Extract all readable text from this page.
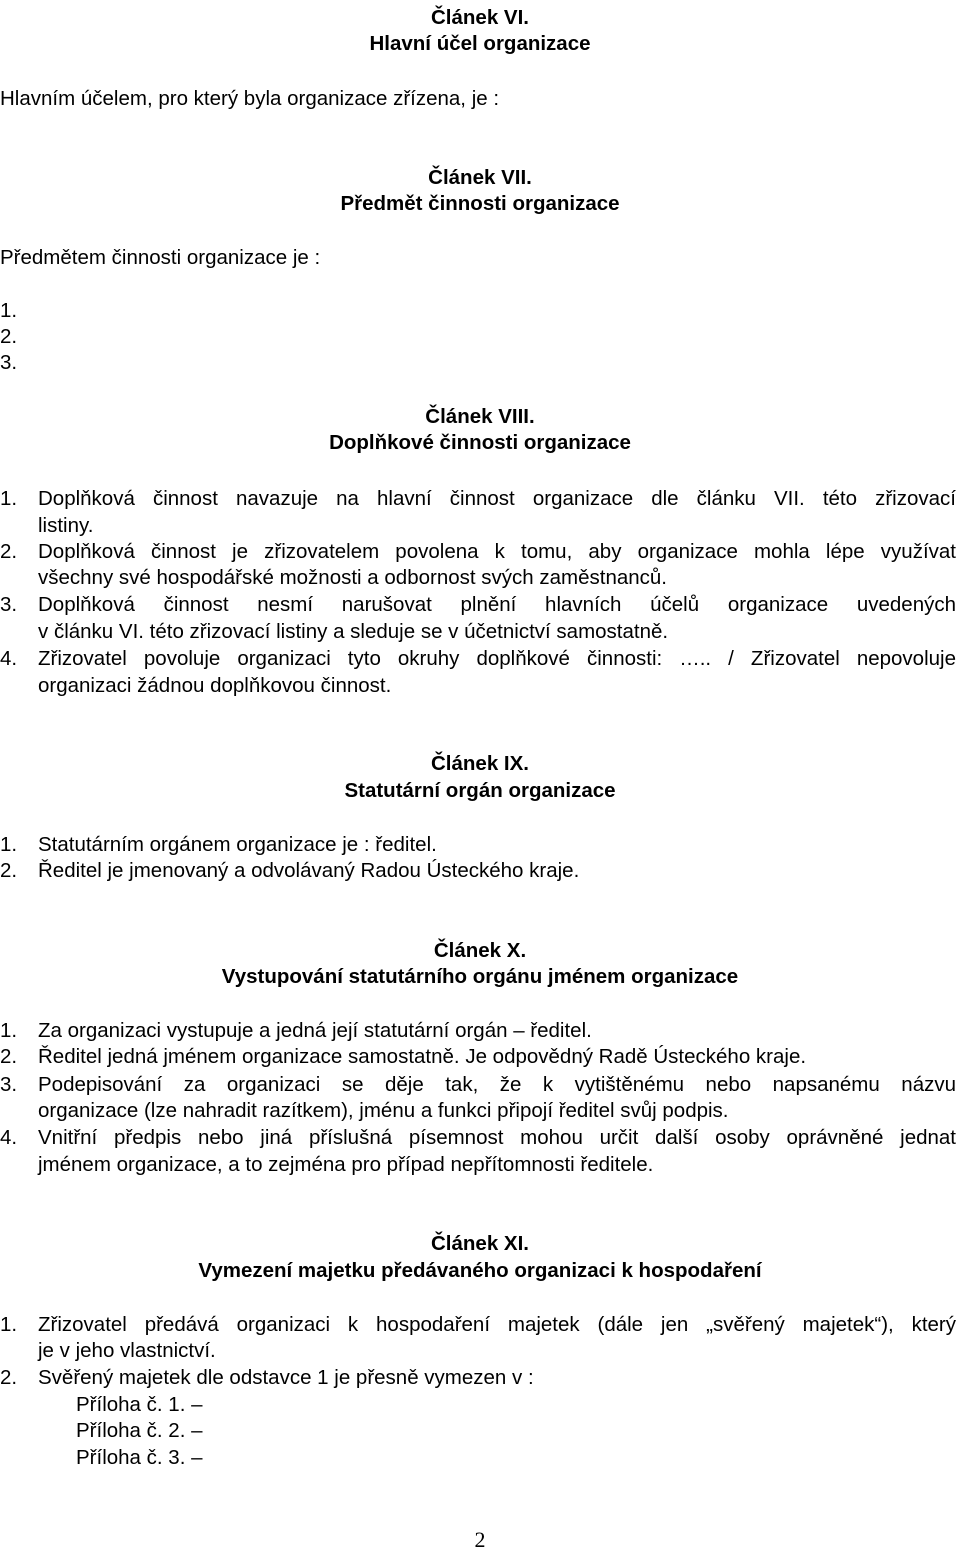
Článek VI.
Hlavní účel organizace
Hlavním účelem, pro který byla organizace zřízena, je :
Článek VII.
Předmět činnosti organizace
Předmětem činnosti organizace je :
1.
2.
3.
Článek VIII.
Doplňkové činnosti organizace
1. Doplňková činnost navazuje na hlavní činnost organizace dle článku VII. této zřizovací
listiny.
2. Doplňková činnost je zřizovatelem povolena k tomu, aby organizace mohla lépe využívat
všechny své hospodářské možnosti a odbornost svých zaměstnanců.
3. Doplňková činnost nesmí narušovat plnění hlavních účelů organizace uvedených
v článku VI. této zřizovací listiny a sleduje se v účetnictví samostatně.
4. Zřizovatel povoluje organizaci tyto okruhy doplňkové činnosti: ….. / Zřizovatel nepovoluje
organizaci žádnou doplňkovou činnost.
Článek IX.
Statutární orgán organizace
1. Statutárním orgánem organizace je : ředitel.
2. Ředitel je jmenovaný a odvolávaný Radou Ústeckého kraje.
Článek X.
Vystupování statutárního orgánu jménem organizace
1. Za organizaci vystupuje a jedná její statutární orgán – ředitel.
2. Ředitel jedná jménem organizace samostatně. Je odpovědný Radě Ústeckého kraje.
3. Podepisování za organizaci se děje tak, že k vytištěnému nebo napsanému názvu
organizace (lze nahradit razítkem), jménu a funkci připojí ředitel svůj podpis.
4. Vnitřní předpis nebo jiná příslušná písemnost mohou určit další osoby oprávněné jednat
jménem organizace, a to zejména pro případ nepřítomnosti ředitele.
Článek XI.
Vymezení majetku předávaného organizaci k hospodaření
1. Zřizovatel předává organizaci k hospodaření majetek (dále jen „svěřený majetek“), který
je v jeho vlastnictví.
2. Svěřený majetek dle odstavce 1 je přesně vymezen v :
Příloha č. 1. –
Příloha č. 2. –
Příloha č. 3. –
2
